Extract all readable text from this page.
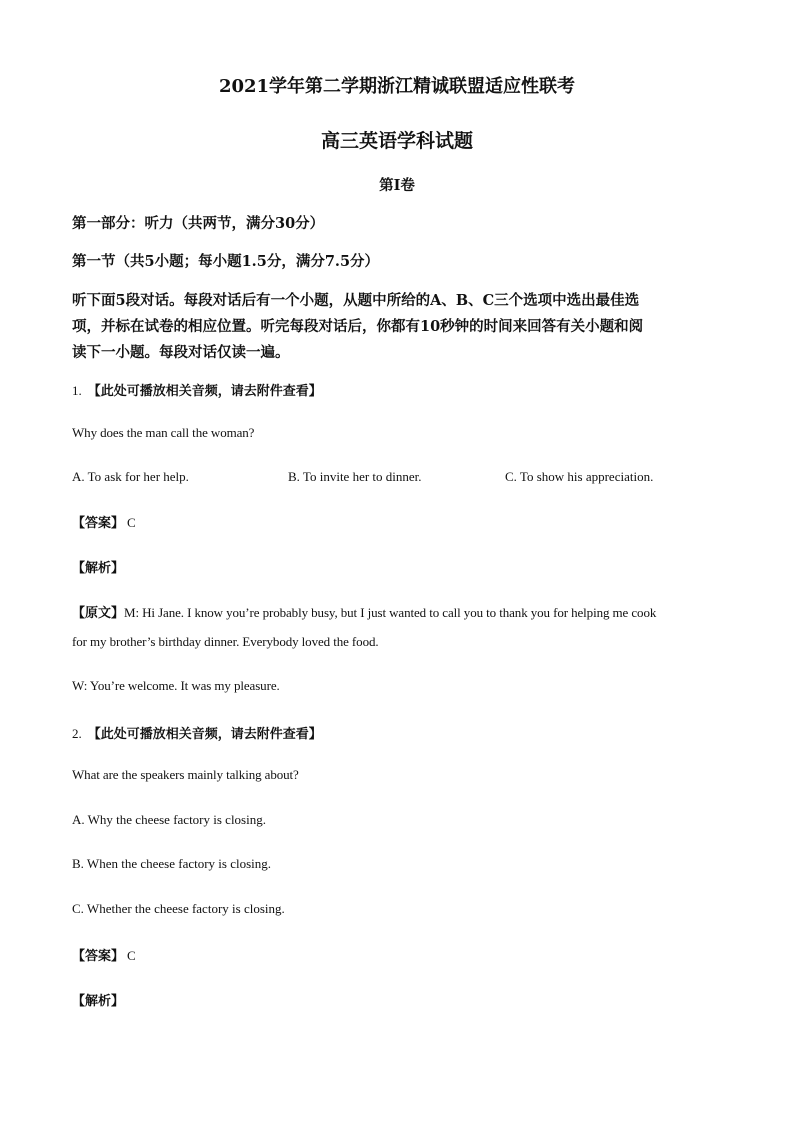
2021学年第二学期浙江精诚联盟适应性联考
高三英语学科试题
第Ⅰ卷
第一部分：听力（共两节，满分30分）
第一节（共5小题；每小题1.5分，满分7.5分）

听下面5段对话。每段对话后有一个小题，从题中所给的A、B、C三个选项中选出最佳选

项，并标在试卷的相应位置。听完每段对话后，你都有10秒钟的时间来回答有关小题和阅

读下一小题。每段对话仅读一遍。

1. 【此处可播放相关音频，请去附件查看】
Why does the man call the woman?
A. To ask for her help.	B. To invite her to dinner.	C. To show his appreciation.
【答案】 C
【解析】
【原文】M: Hi Jane. I know you’re probably busy, but I just wanted to call you to thank you for helping me cook
for my brother’s birthday dinner. Everybody loved the food.
W: You’re welcome. It was my pleasure.
2. 【此处可播放相关音频，请去附件查看】
What are the speakers mainly talking about?
A. Why the cheese factory is closing.
B. When the cheese factory is closing.
C. Whether the cheese factory is closing.
【答案】 C
【解析】
